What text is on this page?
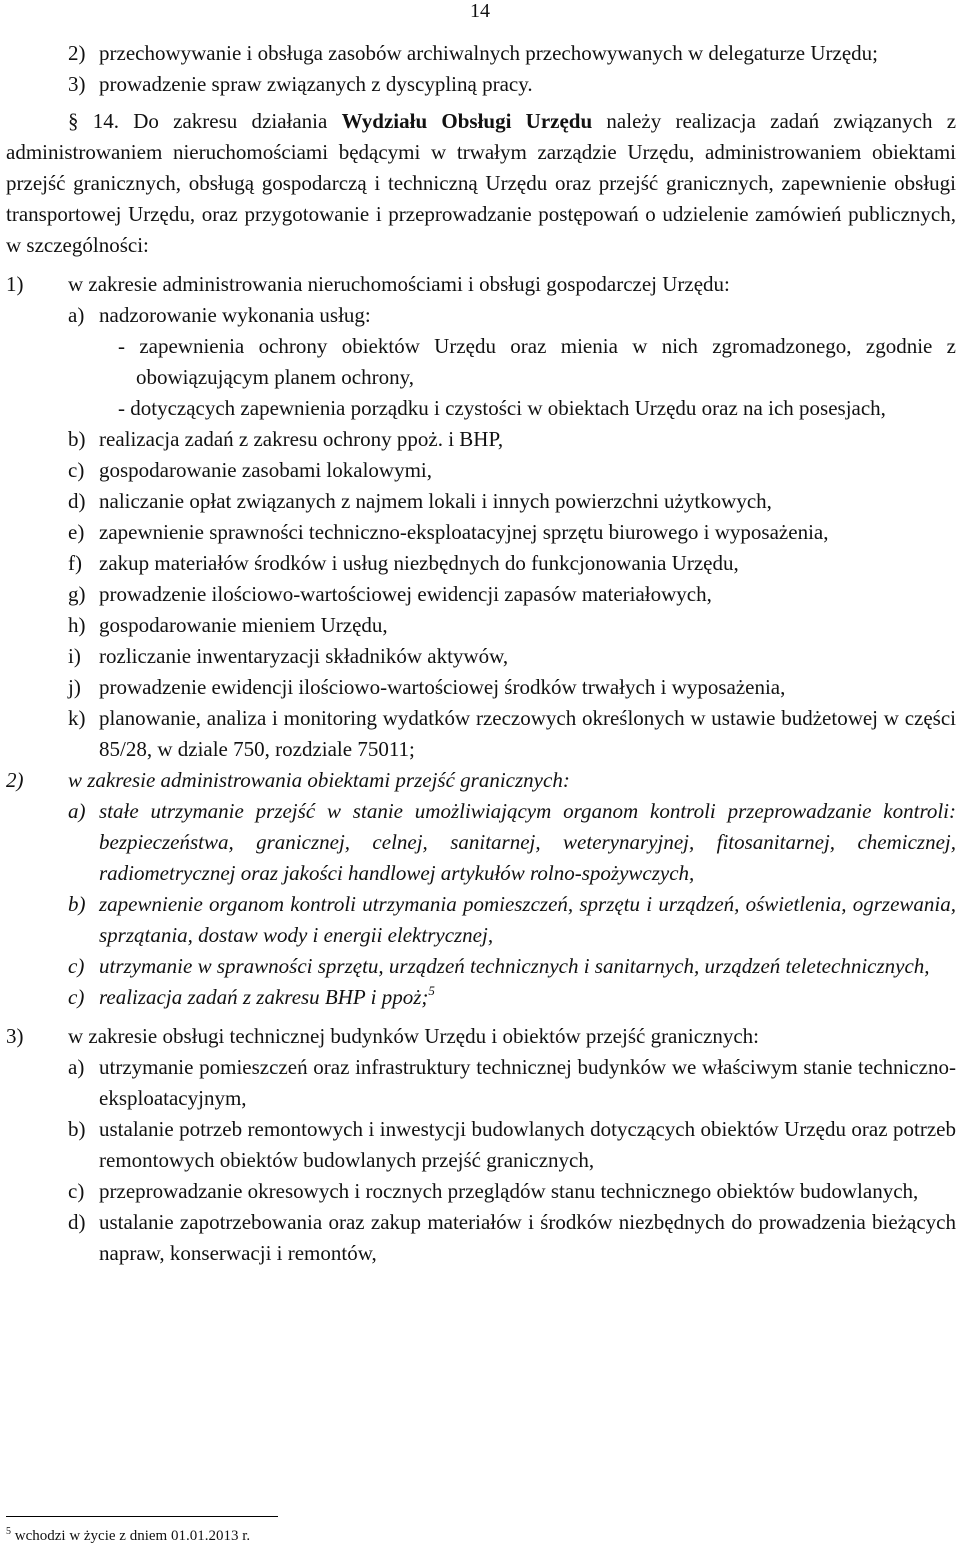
14
2) przechowywanie i obsługa zasobów archiwalnych przechowywanych w delegaturze Urzędu;
3) prowadzenie spraw związanych z dyscypliną pracy.

§ 14. Do zakresu działania Wydziału Obsługi Urzędu należy realizacja zadań związanych z administrowaniem nieruchomościami będącymi w trwałym zarządzie Urzędu, administrowaniem obiektami przejść granicznych, obsługą gospodarczą i techniczną Urzędu oraz przejść granicznych, zapewnienie obsługi transportowej Urzędu, oraz przygotowanie i przeprowadzanie postępowań o udzielenie zamówień publicznych, w szczególności:

1)	w zakresie administrowania nieruchomościami i obsługi gospodarczej Urzędu:
a) nadzorowanie wykonania usług:
- zapewnienia ochrony obiektów Urzędu oraz mienia w nich zgromadzonego, zgodnie z obowiązującym planem ochrony,
- dotyczących zapewnienia porządku i czystości w obiektach Urzędu oraz na ich posesjach,
b) realizacja zadań z zakresu ochrony ppoż. i BHP,
c) gospodarowanie zasobami lokalowymi,
d) naliczanie opłat związanych z najmem lokali i innych powierzchni użytkowych,
e) zapewnienie sprawności techniczno-eksploatacyjnej sprzętu biurowego i wyposażenia,
f) zakup materiałów środków i usług niezbędnych do funkcjonowania Urzędu,
g) prowadzenie ilościowo-wartościowej ewidencji zapasów materiałowych,
h) gospodarowanie mieniem Urzędu,
i) rozliczanie inwentaryzacji składników aktywów,
j) prowadzenie ewidencji ilościowo-wartościowej środków trwałych i wyposażenia,
k) planowanie, analiza i monitoring wydatków rzeczowych określonych w ustawie budżetowej w części 85/28, w dziale 750, rozdziale 75011;
2)	w zakresie administrowania obiektami przejść granicznych:
a) stałe utrzymanie przejść w stanie umożliwiającym organom kontroli przeprowadzanie kontroli: bezpieczeństwa, granicznej, celnej, sanitarnej, weterynaryjnej, fitosanitarnej, chemicznej, radiometrycznej oraz jakości handlowej artykułów rolno-spożywczych,
b) zapewnienie organom kontroli utrzymania pomieszczeń, sprzętu i urządzeń, oświetlenia, ogrzewania, sprzątania, dostaw wody i energii elektrycznej,
c) utrzymanie w sprawności sprzętu, urządzeń technicznych i sanitarnych, urządzeń teletechnicznych,
c) realizacja zadań z zakresu BHP i ppoż;$^5$
3)	w zakresie obsługi technicznej budynków Urzędu i obiektów przejść granicznych:
a) utrzymanie pomieszczeń oraz infrastruktury technicznej budynków we właściwym stanie techniczno-eksploatacyjnym,
b) ustalanie potrzeb remontowych i inwestycji budowlanych dotyczących obiektów Urzędu oraz potrzeb remontowych obiektów budowlanych przejść granicznych,
c) przeprowadzanie okresowych i rocznych przeglądów stanu technicznego obiektów budowlanych,
d) ustalanie zapotrzebowania oraz zakup materiałów i środków niezbędnych do prowadzenia bieżących napraw, konserwacji i remontów,
$^5$ wchodzi w życie z dniem 01.01.2013 r.
